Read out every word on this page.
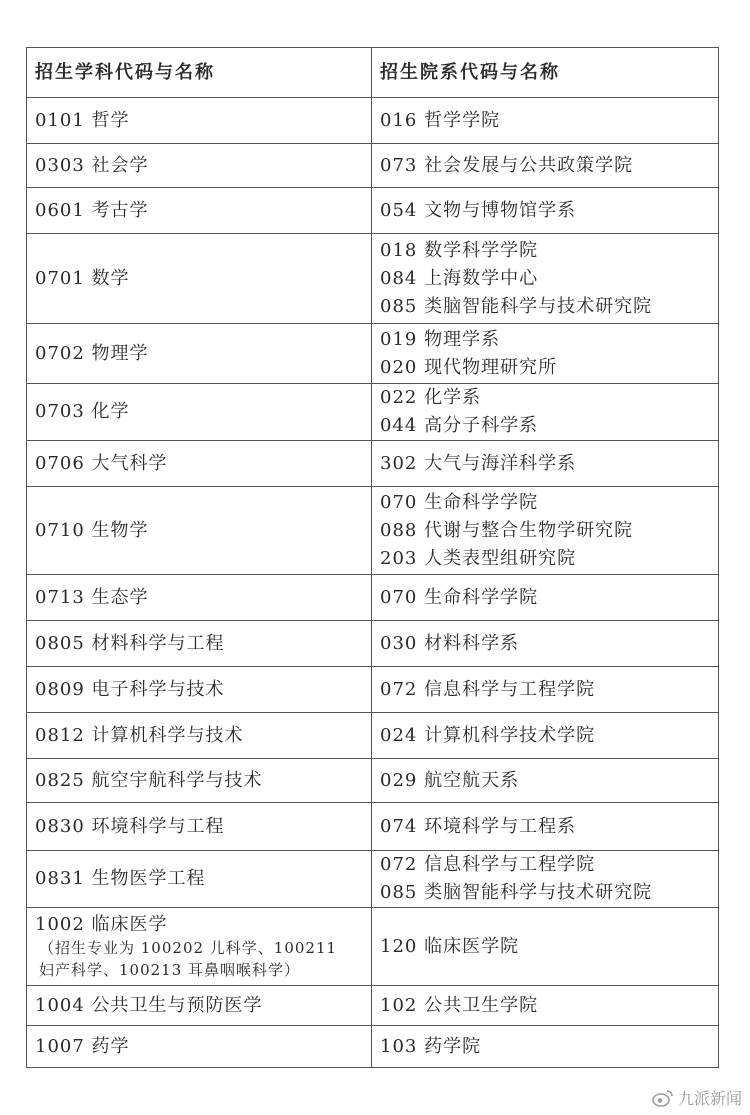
招生学科代码与名称	招生院系代码与名称

0101 哲学	016 哲学学院

0303 社会学	073 社会发展与公共政策学院

0601 考古学	054 文物与博物馆学系

0701 数学	018 数学科学学院
084 上海数学中心
085 类脑智能科学与技术研究院

0702 物理学	019 物理学系
020 现代物理研究所

0703 化学	022 化学系
044 高分子科学系

0706 大气科学	302 大气与海洋科学系

0710 生物学	070 生命科学学院
088 代谢与整合生物学研究院
203 人类表型组研究院

0713 生态学	070 生命科学学院

0805 材料科学与工程	030 材料科学系

0809 电子科学与技术	072 信息科学与工程学院

0812 计算机科学与技术	024 计算机科学技术学院

0825 航空宇航科学与技术	029 航空航天系

0830 环境科学与工程	074 环境科学与工程系

0831 生物医学工程	072 信息科学与工程学院
085 类脑智能科学与技术研究院

1002 临床医学
（招生专业为 100202 儿科学、100211
妇产科学、100213 耳鼻咽喉科学）	120 临床医学院

1004 公共卫生与预防医学	102 公共卫生学院

1007 药学	103 药学院
九派新闻
